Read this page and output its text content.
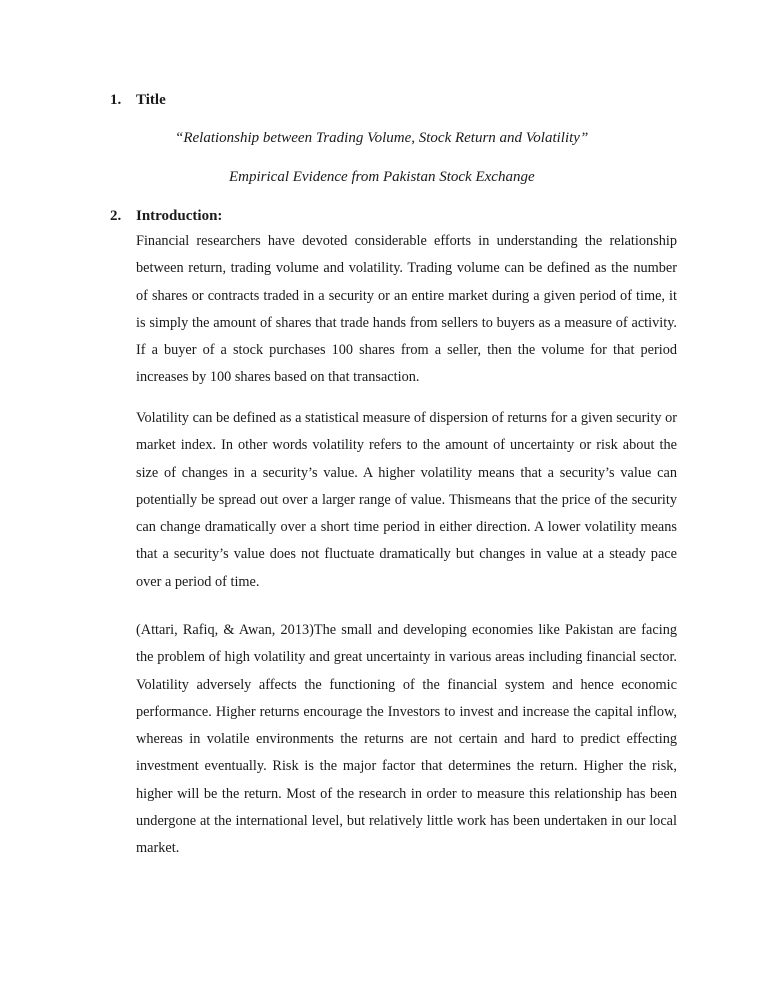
1. Title
“Relationship between Trading Volume, Stock Return and Volatility”
Empirical Evidence from Pakistan Stock Exchange
2. Introduction:

Financial researchers have devoted considerable efforts in understanding the relationship between return, trading volume and volatility. Trading volume can be defined as the number of shares or contracts traded in a security or an entire market during a given period of time, it is simply the amount of shares that trade hands from sellers to buyers as a measure of activity. If a buyer of a stock purchases 100 shares from a seller, then the volume for that period increases by 100 shares based on that transaction.

Volatility can be defined as a statistical measure of dispersion of returns for a given security or market index. In other words volatility refers to the amount of uncertainty or risk about the size of changes in a security’s value. A higher volatility means that a security’s value can potentially be spread out over a larger range of value. Thismeans that the price of the security can change dramatically over a short time period in either direction. A lower volatility means that a security’s value does not fluctuate dramatically but changes in value at a steady pace over a period of time.

(Attari, Rafiq, & Awan, 2013)The small and developing economies like Pakistan are facing the problem of high volatility and great uncertainty in various areas including financial sector. Volatility adversely affects the functioning of the financial system and hence economic performance. Higher returns encourage the Investors to invest and increase the capital inflow, whereas in volatile environments the returns are not certain and hard to predict effecting investment eventually. Risk is the major factor that determines the return. Higher the risk, higher will be the return. Most of the research in order to measure this relationship has been undergone at the international level, but relatively little work has been undertaken in our local market.
